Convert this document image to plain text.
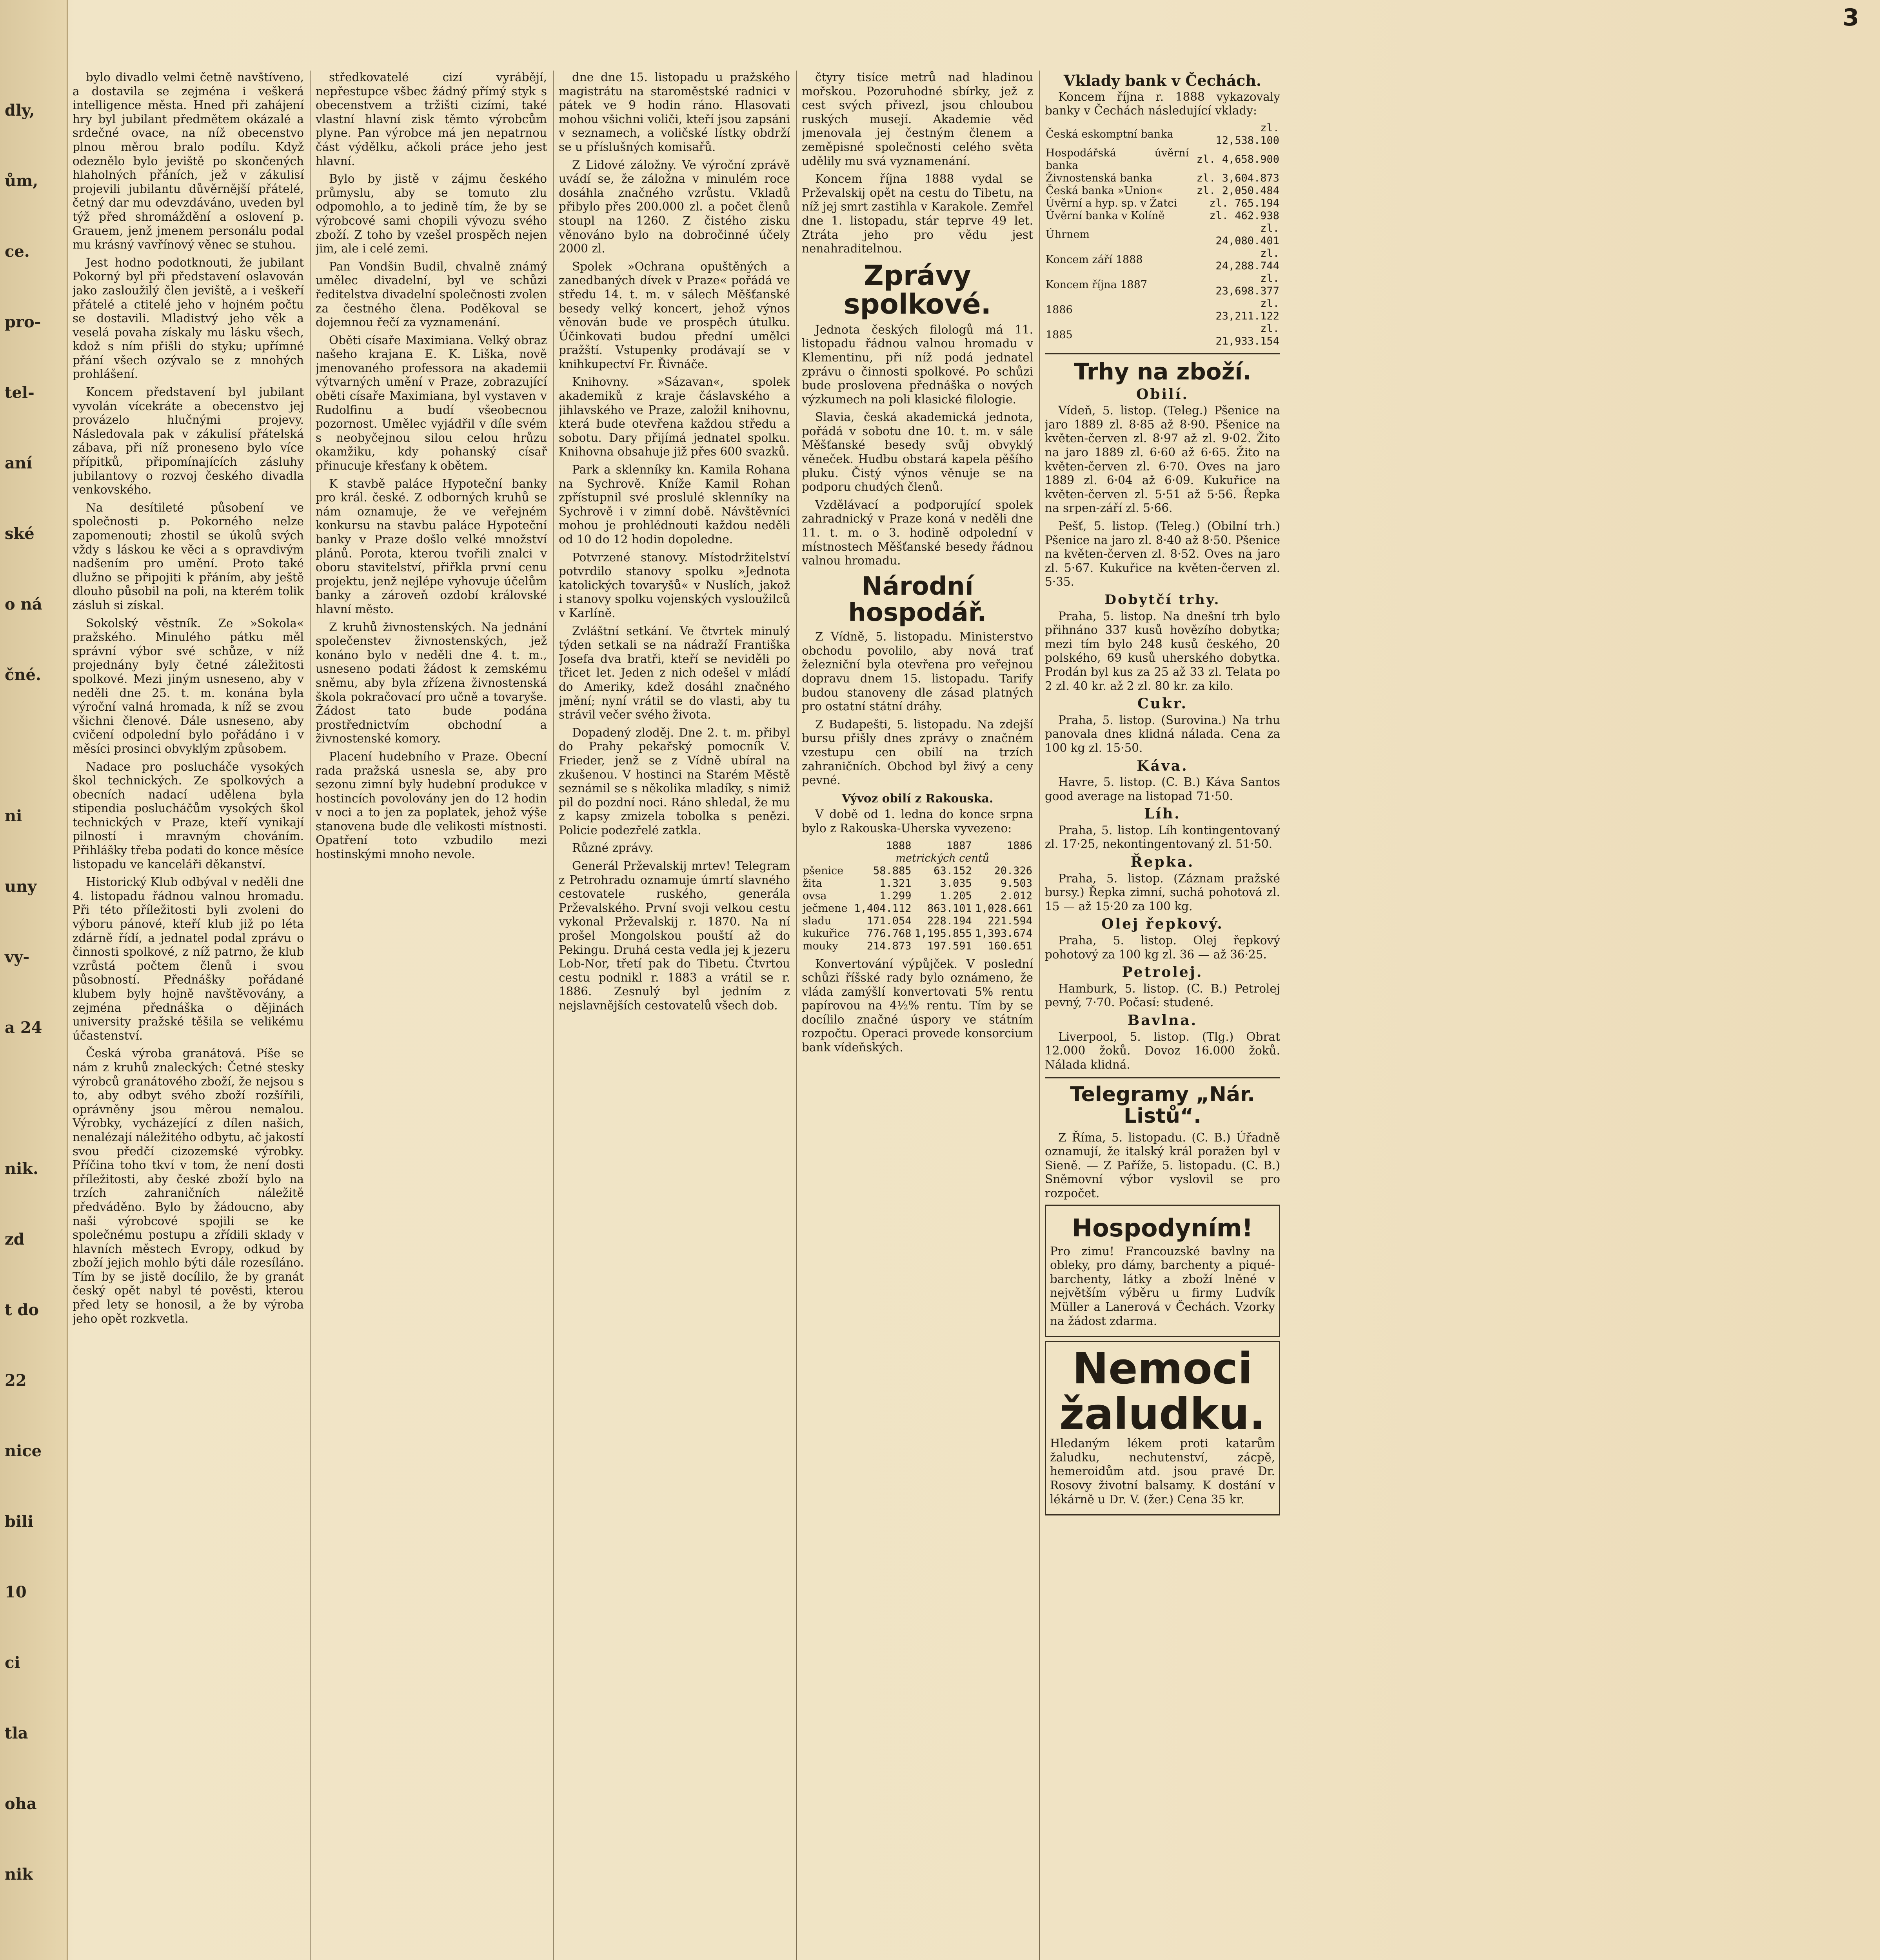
dly,
ům,
ce.
pro-
tel-
aní
ské
o ná
čné.
ni
uny
vy-
a 24
nik.
zd
t do
22
nice
bili
10
ci
tla
oha
nik
3

bylo divadlo velmi četně navštíveno, a dostavila se zejména i veškerá intelligence města. Hned při zahájení hry byl jubilant předmětem okázalé a srdečné ovace, na níž obecenstvo plnou měrou bralo podílu. Když odeznělo bylo jeviště po skončených hlaholných přáních, jež v zákulisí projevili jubilantu důvěrnější přátelé, četný dar mu odevzdáváno, uveden byl týž před shromáždění a oslovení p. Grauem, jenž jmenem personálu podal mu krásný vavřínový věnec se stuhou.

Jest hodno podotknouti, že jubilant Pokorný byl při představení oslavován jako zasloužilý člen jeviště, a i veškeří přátelé a ctitelé jeho v hojném počtu se dostavili. Mladistvý jeho věk a veselá povaha získaly mu lásku všech, kdož s ním přišli do styku; upřímné přání všech ozývalo se z mnohých prohlášení.

Koncem představení byl jubilant vyvolán vícekráte a obecenstvo jej provázelo hlučnými projevy. Následovala pak v zákulisí přátelská zábava, při níž proneseno bylo více přípitků, připomínajících zásluhy jubilantovy o rozvoj českého divadla venkovského.

Na desítileté působení ve společnosti p. Pokorného nelze zapomenouti; zhostil se úkolů svých vždy s láskou ke věci a s opravdivým nadšením pro umění. Proto také dlužno se připojiti k přáním, aby ještě dlouho působil na poli, na kterém tolik zásluh si získal.

Sokolský věstník. Ze »Sokola« pražského. Minulého pátku měl správní výbor své schůze, v níž projednány byly četné záležitosti spolkové. Mezi jiným usneseno, aby v neděli dne 25. t. m. konána byla výroční valná hromada, k níž se zvou všichni členové. Dále usneseno, aby cvičení odpolední bylo pořádáno i v měsíci prosinci obvyklým způsobem.

Nadace pro poslucháče vysokých škol technických. Ze spolkových a obecních nadací udělena byla stipendia poslucháčům vysokých škol technických v Praze, kteří vynikají pilností i mravným chováním. Přihlášky třeba podati do konce měsíce listopadu ve kanceláři děkanství.

Historický Klub odbýval v neděli dne 4. listopadu řádnou valnou hromadu. Při této příležitosti byli zvoleni do výboru pánové, kteří klub již po léta zdárně řídí, a jednatel podal zprávu o činnosti spolkové, z níž patrno, že klub vzrůstá počtem členů i svou působností. Přednášky pořádané klubem byly hojně navštěvovány, a zejména přednáška o dějinách university pražské těšila se velikému účastenství.

Česká výroba granátová. Píše se nám z kruhů znaleckých: Četné stesky výrobců granátového zboží, že nejsou s to, aby odbyt svého zboží rozšířili, oprávněny jsou měrou nemalou. Výrobky, vycházející z dílen našich, nenalézají náležitého odbytu, ač jakostí svou předčí cizozemské výrobky. Příčina toho tkví v tom, že není dosti příležitosti, aby české zboží bylo na trzích zahraničních náležitě předváděno. Bylo by žádoucno, aby naši výrobcové spojili se ke společnému postupu a zřídili sklady v hlavních městech Evropy, odkud by zboží jejich mohlo býti dále rozesíláno. Tím by se jistě docílilo, že by granát český opět nabyl té pověsti, kterou před lety se honosil, a že by výroba jeho opět rozkvetla.

středkovatelé cizí vyrábějí, nepřestupce všbec žádný přímý styk s obecenstvem a tržišti cizími, také vlastní hlavní zisk těmto výrobcům plyne. Pan výrobce má jen nepatrnou část výdělku, ačkoli práce jeho jest hlavní.

Bylo by jistě v zájmu českého průmyslu, aby se tomuto zlu odpomohlo, a to jedině tím, že by se výrobcové sami chopili vývozu svého zboží. Z toho by vzešel prospěch nejen jim, ale i celé zemi.

Pan Vondšin Budil, chvalně známý umělec divadelní, byl ve schůzi ředitelstva divadelní společnosti zvolen za čestného člena. Poděkoval se dojemnou řečí za vyznamenání.

Oběti císaře Maximiana. Velký obraz našeho krajana E. K. Liška, nově jmenovaného professora na akademii výtvarných umění v Praze, zobrazující oběti císaře Maximiana, byl vystaven v Rudolfinu a budí všeobecnou pozornost. Umělec vyjádřil v díle svém s neobyčejnou silou celou hrůzu okamžiku, kdy pohanský císař přinucuje křesťany k obětem.

K stavbě paláce Hypoteční banky pro král. české. Z odborných kruhů se nám oznamuje, že ve veřejném konkursu na stavbu paláce Hypoteční banky v Praze došlo velké množství plánů. Porota, kterou tvořili znalci v oboru stavitelství, přiřkla první cenu projektu, jenž nejlépe vyhovuje účelům banky a zároveň ozdobí královské hlavní město.

Z kruhů živnostenských. Na jednání společenstev živnostenských, jež konáno bylo v neděli dne 4. t. m., usneseno podati žádost k zemskému sněmu, aby byla zřízena živnostenská škola pokračovací pro učně a tovaryše. Žádost tato bude podána prostřednictvím obchodní a živnostenské komory.

Placení hudebního v Praze. Obecní rada pražská usnesla se, aby pro sezonu zimní byly hudební produkce v hostincích povolovány jen do 12 hodin v noci a to jen za poplatek, jehož výše stanovena bude dle velikosti místnosti. Opatření toto vzbudilo mezi hostinskými mnoho nevole.

dne dne 15. listopadu u pražského magistrátu na staroměstské radnici v pátek ve 9 hodin ráno. Hlasovati mohou všichni voliči, kteří jsou zapsáni v seznamech, a voličské lístky obdrží se u příslušných komisařů.

Z Lidové záložny. Ve výroční zprávě uvádí se, že záložna v minulém roce dosáhla značného vzrůstu. Vkladů přibylo přes 200.000 zl. a počet členů stoupl na 1260. Z čistého zisku věnováno bylo na dobročinné účely 2000 zl.

Spolek »Ochrana opuštěných a zanedbaných dívek v Praze« pořádá ve středu 14. t. m. v sálech Měšťanské besedy velký koncert, jehož výnos věnován bude ve prospěch útulku. Účinkovati budou přední umělci pražští. Vstupenky prodávají se v knihkupectví Fr. Řivnáče.

Knihovny. »Sázavan«, spolek akademiků z kraje čáslavského a jihlavského ve Praze, založil knihovnu, která bude otevřena každou středu a sobotu. Dary přijímá jednatel spolku. Knihovna obsahuje již přes 600 svazků.

Park a sklenníky kn. Kamila Rohana na Sychrově. Kníže Kamil Rohan zpřístupnil své proslulé sklenníky na Sychrově i v zimní době. Návštěvníci mohou je prohlédnouti každou neděli od 10 do 12 hodin dopoledne.

Potvrzené stanovy. Místodržitelství potvrdilo stanovy spolku »Jednota katolických tovaryšů« v Nuslích, jakož i stanovy spolku vojenských vysloužilců v Karlíně.

Zvláštní setkání. Ve čtvrtek minulý týden setkali se na nádraží Františka Josefa dva bratři, kteří se neviděli po třicet let. Jeden z nich odešel v mládí do Ameriky, kdež dosáhl značného jmění; nyní vrátil se do vlasti, aby tu strávil večer svého života.

Dopadený zloděj. Dne 2. t. m. přibyl do Prahy pekařský pomocník V. Frieder, jenž se z Vídně ubíral na zkušenou. V hostinci na Starém Městě seznámil se s několika mladíky, s nimiž pil do pozdní noci. Ráno shledal, že mu z kapsy zmizela tobolka s penězi. Policie podezřelé zatkla.

Různé zprávy.

Generál Prževalskij mrtev! Telegram z Petrohradu oznamuje úmrtí slavného cestovatele ruského, generála Prževalského. První svoji velkou cestu vykonal Prževalskij r. 1870. Na ní prošel Mongolskou pouští až do Pekingu. Druhá cesta vedla jej k jezeru Lob-Nor, třetí pak do Tibetu. Čtvrtou cestu podnikl r. 1883 a vrátil se r. 1886. Zesnulý byl jedním z nejslavnějších cestovatelů všech dob.

čtyry tisíce metrů nad hladinou mořskou. Pozoruhodné sbírky, jež z cest svých přivezl, jsou chloubou ruských musejí. Akademie věd jmenovala jej čestným členem a zeměpisné společnosti celého světa udělily mu svá vyznamenání.

Koncem října 1888 vydal se Prževalskij opět na cestu do Tibetu, na níž jej smrt zastihla v Karakole. Zemřel dne 1. listopadu, stár teprve 49 let. Ztráta jeho pro vědu jest nenahraditelnou.

Zprávy spolkové.

Jednota českých filologů má 11. listopadu řádnou valnou hromadu v Klementinu, při níž podá jednatel zprávu o činnosti spolkové. Po schůzi bude proslovena přednáška o nových výzkumech na poli klasické filologie.

Slavia, česká akademická jednota, pořádá v sobotu dne 10. t. m. v sále Měšťanské besedy svůj obvyklý věneček. Hudbu obstará kapela pěšího pluku. Čistý výnos věnuje se na podporu chudých členů.

Vzdělávací a podporující spolek zahradnický v Praze koná v neděli dne 11. t. m. o 3. hodině odpolední v místnostech Měšťanské besedy řádnou valnou hromadu.

Národní hospodář.

Z Vídně, 5. listopadu. Ministerstvo obchodu povolilo, aby nová trať železniční byla otevřena pro veřejnou dopravu dnem 15. listopadu. Tarify budou stanoveny dle zásad platných pro ostatní státní dráhy.

Z Budapešti, 5. listopadu. Na zdejší bursu přišly dnes zprávy o značném vzestupu cen obilí na trzích zahraničních. Obchod byl živý a ceny pevné.

Vývoz obilí z Rakouska.

V době od 1. ledna do konce srpna bylo z Rakouska-Uherska vyvezeno:

	1888	1887	1886
	metrických centů		
pšenice	58.885	63.152	20.326
žita	1.321	3.035	9.503
ovsa	1.299	1.205	2.012
ječmene	1,404.112	863.101	1,028.661
sladu	171.054	228.194	221.594
kukuřice	776.768	1,195.855	1,393.674
mouky	214.873	197.591	160.651

Konvertování výpůjček. V poslední schůzi říšské rady bylo oznámeno, že vláda zamýšlí konvertovati 5% rentu papírovou na 4½% rentu. Tím by se docílilo značné úspory ve státním rozpočtu. Operaci provede konsorcium bank vídeňských.

Vklady bank v Čechách.

Koncem října r. 1888 vykazovaly banky v Čechách následující vklady:

Česká eskomptní banka	zl. 12,538.100
Hospodářská úvěrní banka	zl. 4,658.900
Živnostenská banka	zl. 3,604.873
Česká banka »Union«	zl. 2,050.484
Úvěrní a hyp. sp. v Žatci	zl. 765.194
Úvěrní banka v Kolíně	zl. 462.938
Úhrnem	zl. 24,080.401
Koncem září 1888	zl. 24,288.744
Koncem října 1887	zl. 23,698.377
1886	zl. 23,211.122
1885	zl. 21,933.154
Trhy na zboží.
Obilí.

Vídeň, 5. listop. (Teleg.) Pšenice na jaro 1889 zl. 8·85 až 8·90. Pšenice na květen-červen zl. 8·97 až zl. 9·02. Žito na jaro 1889 zl. 6·60 až 6·65. Žito na květen-červen zl. 6·70. Oves na jaro 1889 zl. 6·04 až 6·09. Kukuřice na květen-červen zl. 5·51 až 5·56. Řepka na srpen-září zl. 5·66.

Pešť, 5. listop. (Teleg.) (Obilní trh.) Pšenice na jaro zl. 8·40 až 8·50. Pšenice na květen-červen zl. 8·52. Oves na jaro zl. 5·67. Kukuřice na květen-červen zl. 5·35.

Dobytčí trhy.

Praha, 5. listop. Na dnešní trh bylo přihnáno 337 kusů hovězího dobytka; mezi tím bylo 248 kusů českého, 20 polského, 69 kusů uherského dobytka. Prodán byl kus za 25 až 33 zl. Telata po 2 zl. 40 kr. až 2 zl. 80 kr. za kilo.

Cukr.

Praha, 5. listop. (Surovina.) Na trhu panovala dnes klidná nálada. Cena za 100 kg zl. 15·50.

Káva.

Havre, 5. listop. (C. B.) Káva Santos good average na listopad 71·50.

Líh.

Praha, 5. listop. Líh kontingentovaný zl. 17·25, nekontingentovaný zl. 51·50.

Řepka.

Praha, 5. listop. (Záznam pražské bursy.) Řepka zimní, suchá pohotová zl. 15 — až 15·20 za 100 kg.

Olej řepkový.

Praha, 5. listop. Olej řepkový pohotový za 100 kg zl. 36 — až 36·25.

Petrolej.

Hamburk, 5. listop. (C. B.) Petrolej pevný, 7·70. Počasí: studené.

Bavlna.

Liverpool, 5. listop. (Tlg.) Obrat 12.000 žoků. Dovoz 16.000 žoků. Nálada klidná.

Telegramy „Nár. Listů“.

Z Říma, 5. listopadu. (C. B.) Úřadně oznamují, že italský král poražen byl v Sieně. — Z Paříže, 5. listopadu. (C. B.) Sněmovní výbor vyslovil se pro rozpočet.

Hospodyním!

Pro zimu! Francouzské bavlny na obleky, pro dámy, barchenty a piqué-barchenty, látky a zboží lněné v největším výběru u firmy Ludvík Müller a Lanerová v Čechách. Vzorky na žádost zdarma.

Nemoci žaludku.

Hledaným lékem proti katarům žaludku, nechutenství, zácpě, hemeroidům atd. jsou pravé Dr. Rosovy životní balsamy. K dostání v lékárně u Dr. V. (žer.) Cena 35 kr.
